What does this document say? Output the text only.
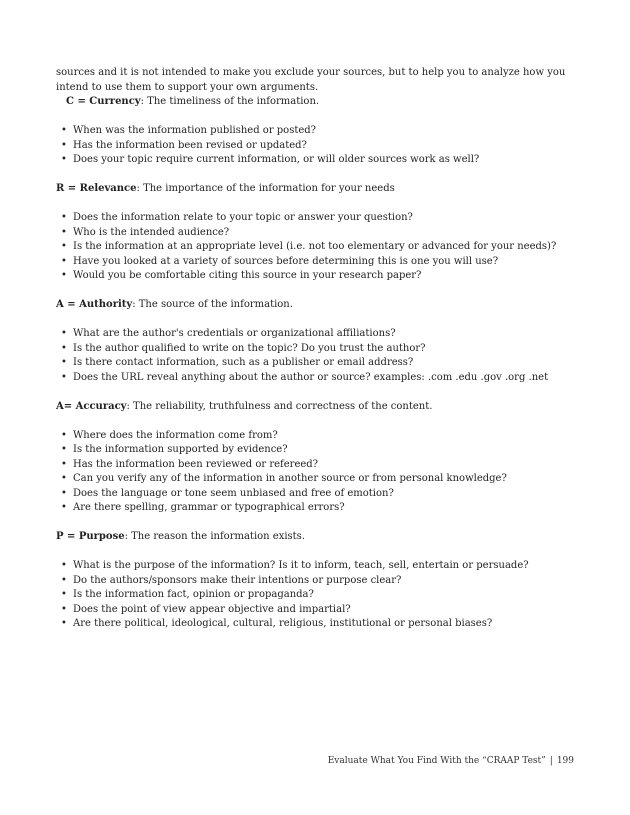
sources and it is not intended to make you exclude your sources, but to help you to analyze how you intend to use them to support your own arguments.

C = Currency: The timeliness of the information.

• When was the information published or posted?
• Has the information been revised or updated?
• Does your topic require current information, or will older sources work as well?

R = Relevance: The importance of the information for your needs

• Does the information relate to your topic or answer your question?
• Who is the intended audience?
• Is the information at an appropriate level (i.e. not too elementary or advanced for your needs)?
• Have you looked at a variety of sources before determining this is one you will use?
• Would you be comfortable citing this source in your research paper?

A = Authority: The source of the information.

• What are the author's credentials or organizational affiliations?
• Is the author qualified to write on the topic? Do you trust the author?
• Is there contact information, such as a publisher or email address?
• Does the URL reveal anything about the author or source? examples: .com .edu .gov .org .net

A= Accuracy: The reliability, truthfulness and correctness of the content.

• Where does the information come from?
• Is the information supported by evidence?
• Has the information been reviewed or refereed?
• Can you verify any of the information in another source or from personal knowledge?
• Does the language or tone seem unbiased and free of emotion?
• Are there spelling, grammar or typographical errors?

P = Purpose: The reason the information exists.

• What is the purpose of the information? Is it to inform, teach, sell, entertain or persuade?
• Do the authors/sponsors make their intentions or purpose clear?
• Is the information fact, opinion or propaganda?
• Does the point of view appear objective and impartial?
• Are there political, ideological, cultural, religious, institutional or personal biases?
Evaluate What You Find With the “CRAAP Test” | 199
